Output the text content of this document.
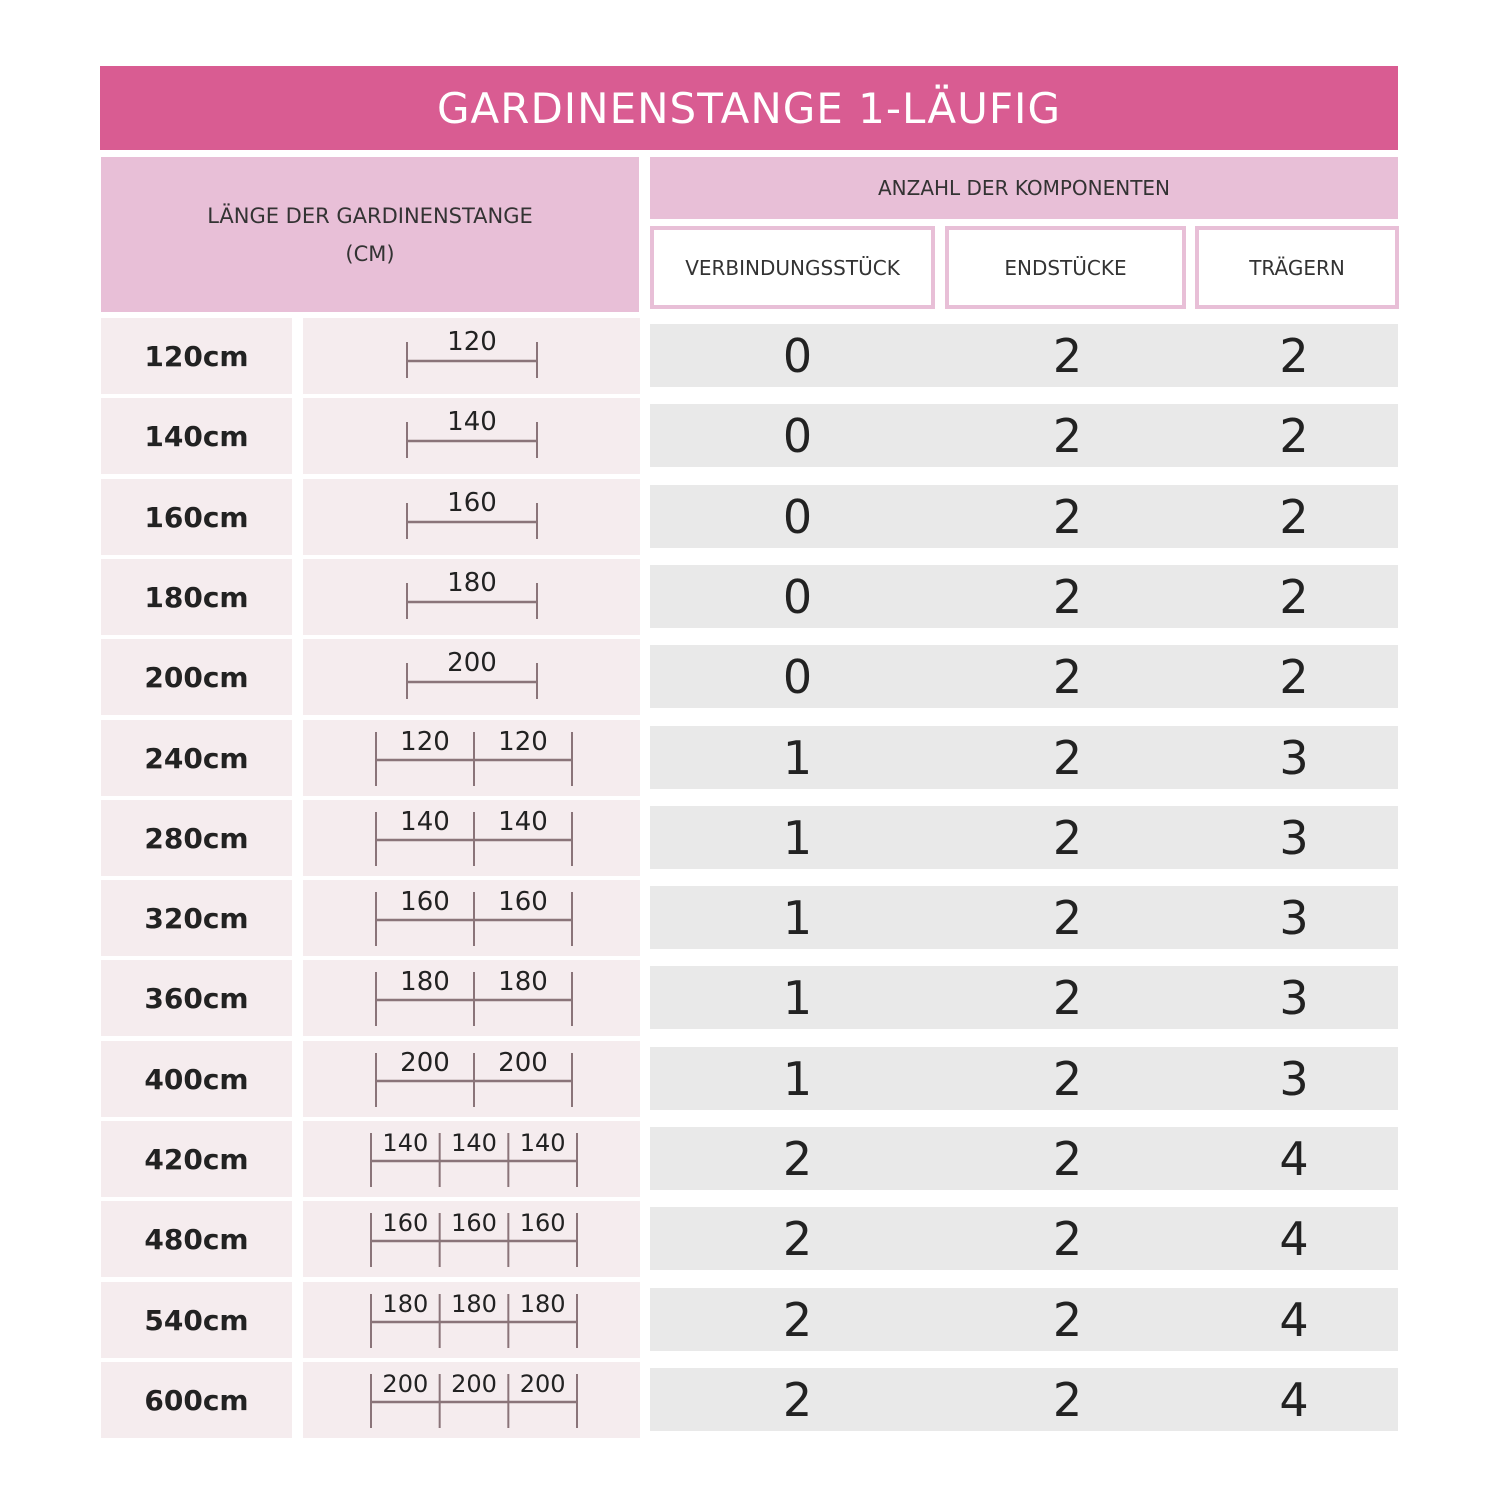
GARDINENSTANGE 1-LÄUFIG
LÄNGE DER GARDINENSTANGE
(CM)
ANZAHL DER KOMPONENTEN
VERBINDUNGSSTÜCK	ENDSTÜCKE	TRÄGERN
120cm	120	0	2	2
140cm	140	0	2	2
160cm	160	0	2	2
180cm	180	0	2	2
200cm	200	0	2	2
240cm	120 120	1	2	3
280cm	140 140	1	2	3
320cm	160 160	1	2	3
360cm	180 180	1	2	3
400cm	200 200	1	2	3
420cm	140 140 140	2	2	4
480cm	160 160 160	2	2	4
540cm	180 180 180	2	2	4
600cm	200 200 200	2	2	4
